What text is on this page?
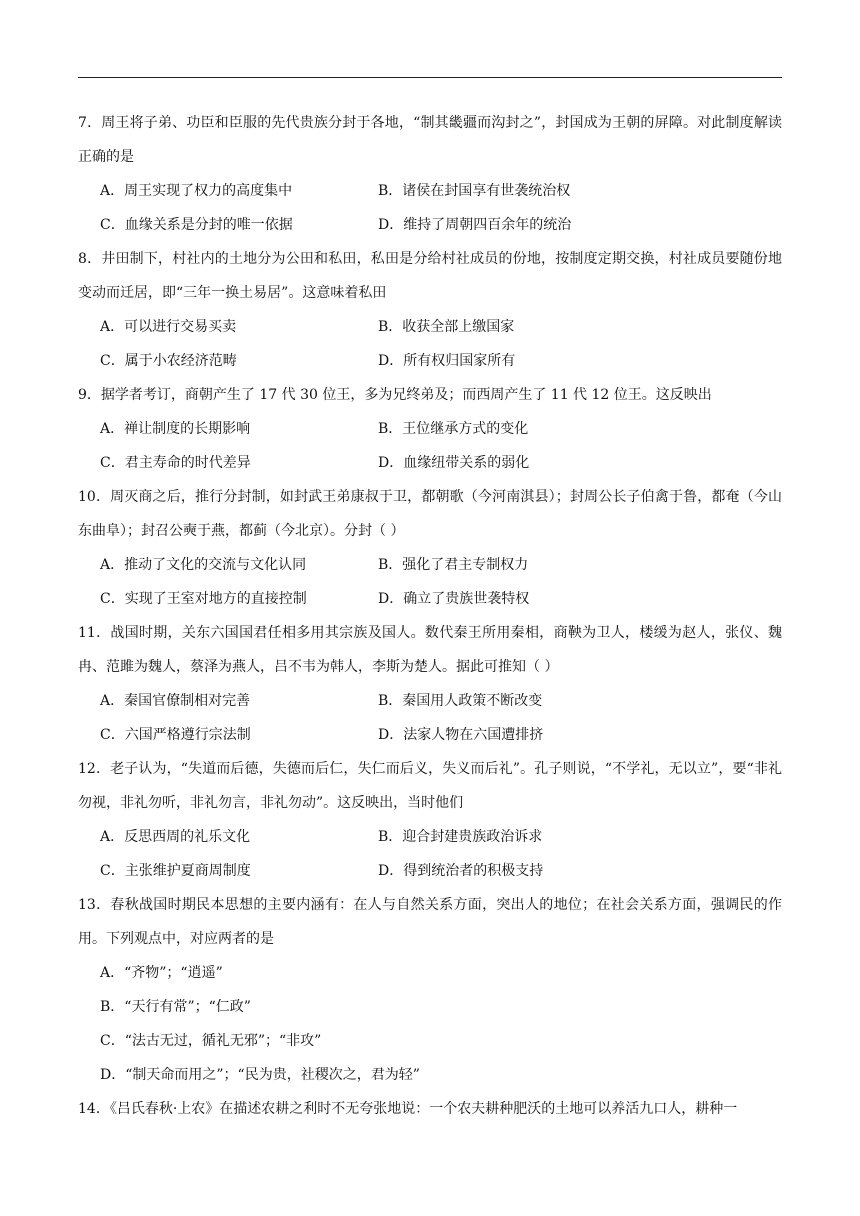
7．周王将子弟、功臣和臣服的先代贵族分封于各地，“制其畿疆而沟封之”，封国成为王朝的屏障。对此制度解读正确的是
A．周王实现了权力的高度集中	B．诸侯在封国享有世袭统治权
C．血缘关系是分封的唯一依据	D．维持了周朝四百余年的统治
8．井田制下，村社内的土地分为公田和私田，私田是分给村社成员的份地，按制度定期交换，村社成员要随份地变动而迁居，即“三年一换土易居”。这意味着私田
A．可以进行交易买卖	B．收获全部上缴国家
C．属于小农经济范畴	D．所有权归国家所有
9．据学者考订，商朝产生了 17 代 30 位王，多为兄终弟及；而西周产生了 11 代 12 位王。这反映出
A．禅让制度的长期影响	B．王位继承方式的变化
C．君主寿命的时代差异	D．血缘纽带关系的弱化
10．周灭商之后，推行分封制，如封武王弟康叔于卫，都朝歌（今河南淇县）；封周公长子伯禽于鲁，都奄（今山东曲阜）；封召公奭于燕，都蓟（今北京）。分封（ ）
A．推动了文化的交流与文化认同	B．强化了君主专制权力
C．实现了王室对地方的直接控制	D．确立了贵族世袭特权
11．战国时期，关东六国国君任相多用其宗族及国人。数代秦王所用秦相，商鞅为卫人，楼缓为赵人，张仪、魏冉、范雎为魏人，蔡泽为燕人，吕不韦为韩人，李斯为楚人。据此可推知（ ）
A．秦国官僚制相对完善	B．秦国用人政策不断改变
C．六国严格遵行宗法制	D．法家人物在六国遭排挤
12．老子认为，“失道而后德，失德而后仁，失仁而后义，失义而后礼”。孔子则说，“不学礼，无以立”，要“非礼勿视，非礼勿听，非礼勿言，非礼勿动”。这反映出，当时他们
A．反思西周的礼乐文化	B．迎合封建贵族政治诉求
C．主张维护夏商周制度	D．得到统治者的积极支持
13．春秋战国时期民本思想的主要内涵有：在人与自然关系方面，突出人的地位；在社会关系方面，强调民的作用。下列观点中，对应两者的是
A．“齐物”；“逍遥”
B．“天行有常”；“仁政”
C．“法古无过，循礼无邪”；“非攻”
D．“制天命而用之”；“民为贵，社稷次之，君为轻”
14．《吕氏春秋·上农》在描述农耕之利时不无夸张地说：一个农夫耕种肥沃的土地可以养活九口人，耕种一
